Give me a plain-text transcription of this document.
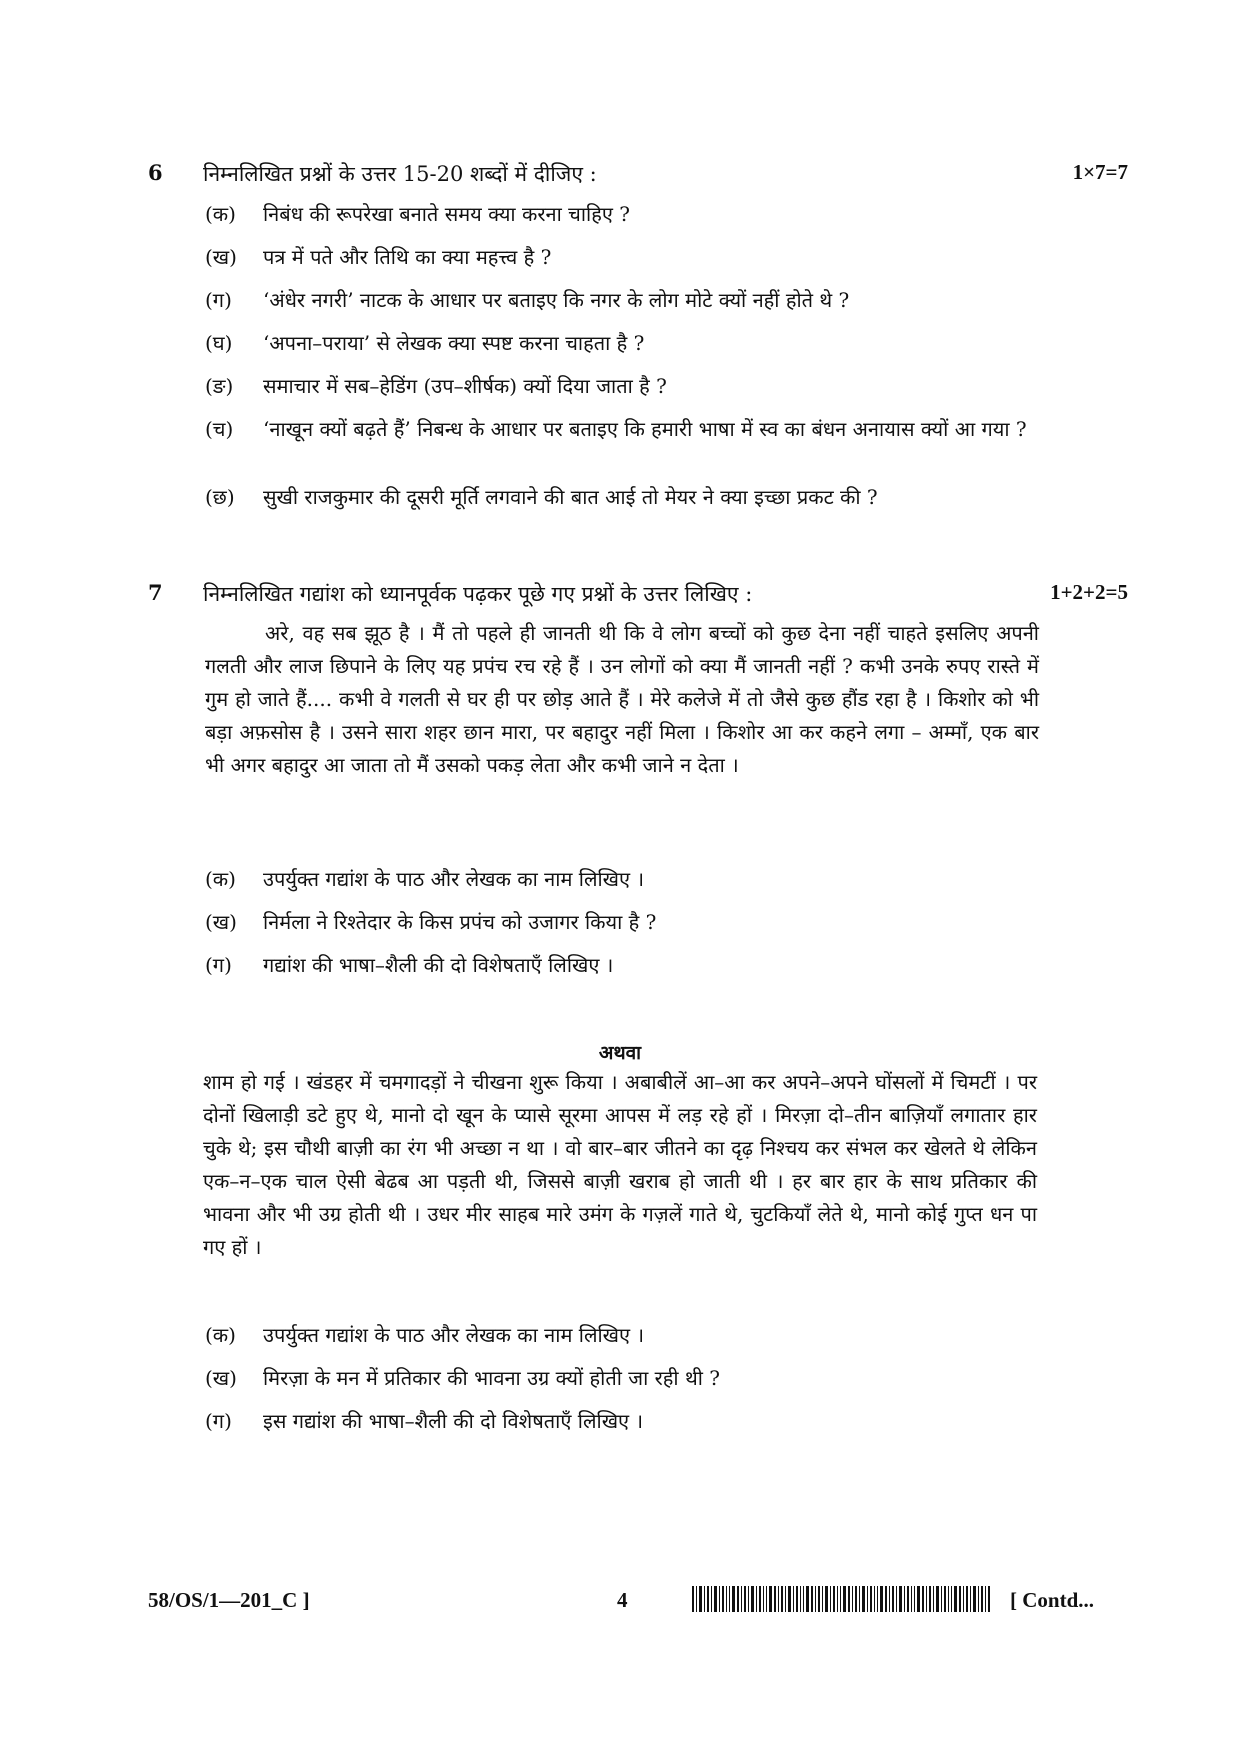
6 निम्नलिखित प्रश्नों के उत्तर 15-20 शब्दों में दीजिए :	1×7=7
(क) निबंध की रूपरेखा बनाते समय क्या करना चाहिए ?
(ख) पत्र में पते और तिथि का क्या महत्त्व है ?
(ग) ‘अंधेर नगरी’ नाटक के आधार पर बताइए कि नगर के लोग मोटे क्यों नहीं होते थे ?
(घ) ‘अपना–पराया’ से लेखक क्या स्पष्ट करना चाहता है ?
(ङ) समाचार में सब–हेडिंग (उप–शीर्षक) क्यों दिया जाता है ?
(च) ‘नाखून क्यों बढ़ते हैं’ निबन्ध के आधार पर बताइए कि हमारी भाषा में स्व का बंधन अनायास क्यों आ गया ?
(छ) सुखी राजकुमार की दूसरी मूर्ति लगवाने की बात आई तो मेयर ने क्या इच्छा प्रकट की ?
7 निम्नलिखित गद्यांश को ध्यानपूर्वक पढ़कर पूछे गए प्रश्नों के उत्तर लिखिए :	1+2+2=5
अरे, वह सब झूठ है । मैं तो पहले ही जानती थी कि वे लोग बच्चों को कुछ देना नहीं चाहते इसलिए अपनी गलती और लाज छिपाने के लिए यह प्रपंच रच रहे हैं । उन लोगों को क्या मैं जानती नहीं ? कभी उनके रुपए रास्ते में गुम हो जाते हैं.... कभी वे गलती से घर ही पर छोड़ आते हैं । मेरे कलेजे में तो जैसे कुछ हौंड रहा है । किशोर को भी बड़ा अफ़सोस है । उसने सारा शहर छान मारा, पर बहादुर नहीं मिला । किशोर आ कर कहने लगा – अम्माँ, एक बार भी अगर बहादुर आ जाता तो मैं उसको पकड़ लेता और कभी जाने न देता ।
(क) उपर्युक्त गद्यांश के पाठ और लेखक का नाम लिखिए ।
(ख) निर्मला ने रिश्तेदार के किस प्रपंच को उजागर किया है ?
(ग) गद्यांश की भाषा–शैली की दो विशेषताएँ लिखिए ।
अथवा
शाम हो गई । खंडहर में चमगादड़ों ने चीखना शुरू किया । अबाबीलें आ–आ कर अपने–अपने घोंसलों में चिमटीं । पर दोनों खिलाड़ी डटे हुए थे, मानो दो खून के प्यासे सूरमा आपस में लड़ रहे हों । मिरज़ा दो–तीन बाज़ियाँ लगातार हार चुके थे; इस चौथी बाज़ी का रंग भी अच्छा न था । वो बार–बार जीतने का दृढ़ निश्चय कर संभल कर खेलते थे लेकिन एक–न–एक चाल ऐसी बेढब आ पड़ती थी, जिससे बाज़ी खराब हो जाती थी । हर बार हार के साथ प्रतिकार की भावना और भी उग्र होती थी । उधर मीर साहब मारे उमंग के गज़लें गाते थे, चुटकियाँ लेते थे, मानो कोई गुप्त धन पा गए हों ।
(क) उपर्युक्त गद्यांश के पाठ और लेखक का नाम लिखिए ।
(ख) मिरज़ा के मन में प्रतिकार की भावना उग्र क्यों होती जा रही थी ?
(ग) इस गद्यांश की भाषा–शैली की दो विशेषताएँ लिखिए ।
58/OS/1—201_C ]	4	[ Contd...
